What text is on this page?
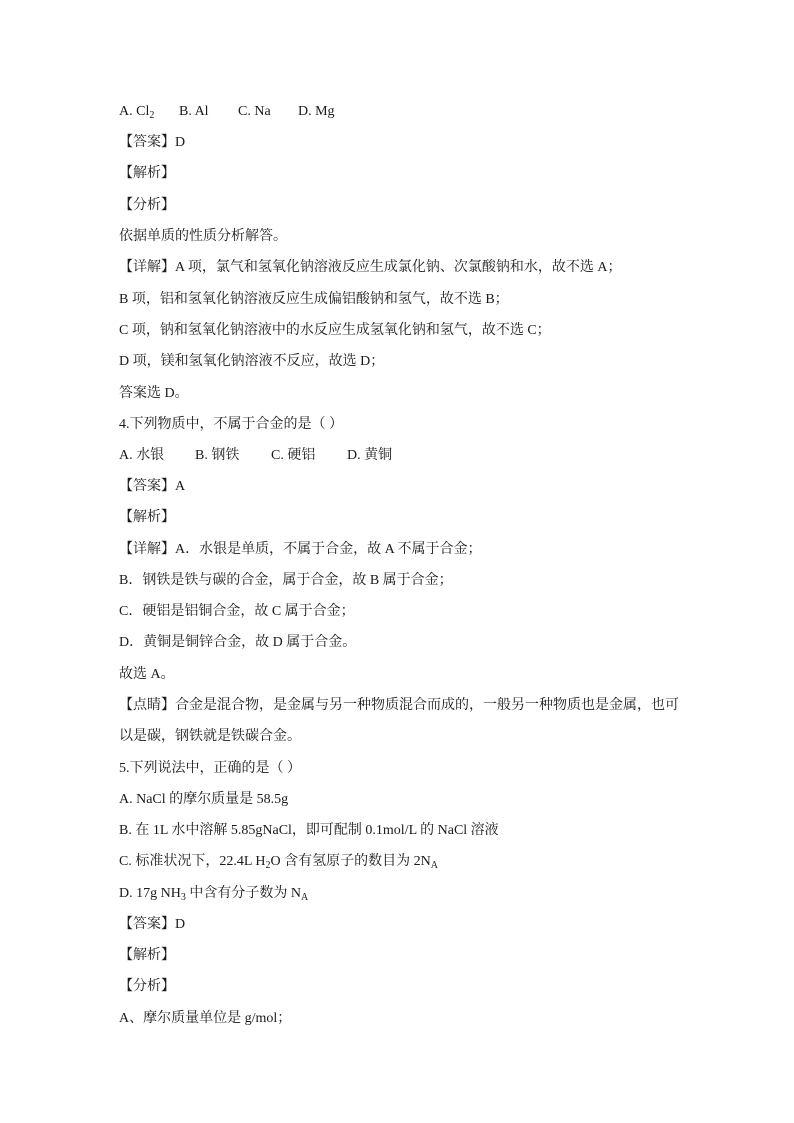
A. $Cl_2$ B. Al C. Na D. Mg
【答案】D
【解析】
【分析】
依据单质的性质分析解答。
【详解】A 项，氯气和氢氧化钠溶液反应生成氯化钠、次氯酸钠和水，故不选 A；
B 项，铝和氢氧化钠溶液反应生成偏铝酸钠和氢气，故不选 B；
C 项，钠和氢氧化钠溶液中的水反应生成氢氧化钠和氢气，故不选 C；
D 项，镁和氢氧化钠溶液不反应，故选 D；
答案选 D。
4.下列物质中，不属于合金的是（ ）
A. 水银 B. 钢铁 C. 硬铝 D. 黄铜
【答案】A
【解析】
【详解】A．水银是单质，不属于合金，故 A 不属于合金；
B．钢铁是铁与碳的合金，属于合金，故 B 属于合金；
C．硬铝是铝铜合金，故 C 属于合金；
D．黄铜是铜锌合金，故 D 属于合金。
故选 A。
【点睛】合金是混合物，是金属与另一种物质混合而成的，一般另一种物质也是金属，也可
以是碳，钢铁就是铁碳合金。
5.下列说法中，正确的是（ ）
A. NaCl 的摩尔质量是 58.5g
B. 在 1L 水中溶解 5.85gNaCl，即可配制 0.1mol/L 的 NaCl 溶液
C. 标准状况下，22.4L $H_2O$ 含有氢原子的数目为 $2N_A$
D. 17g $NH_3$ 中含有分子数为 $N_A$
【答案】D
【解析】
【分析】
A、摩尔质量单位是 g/mol；
